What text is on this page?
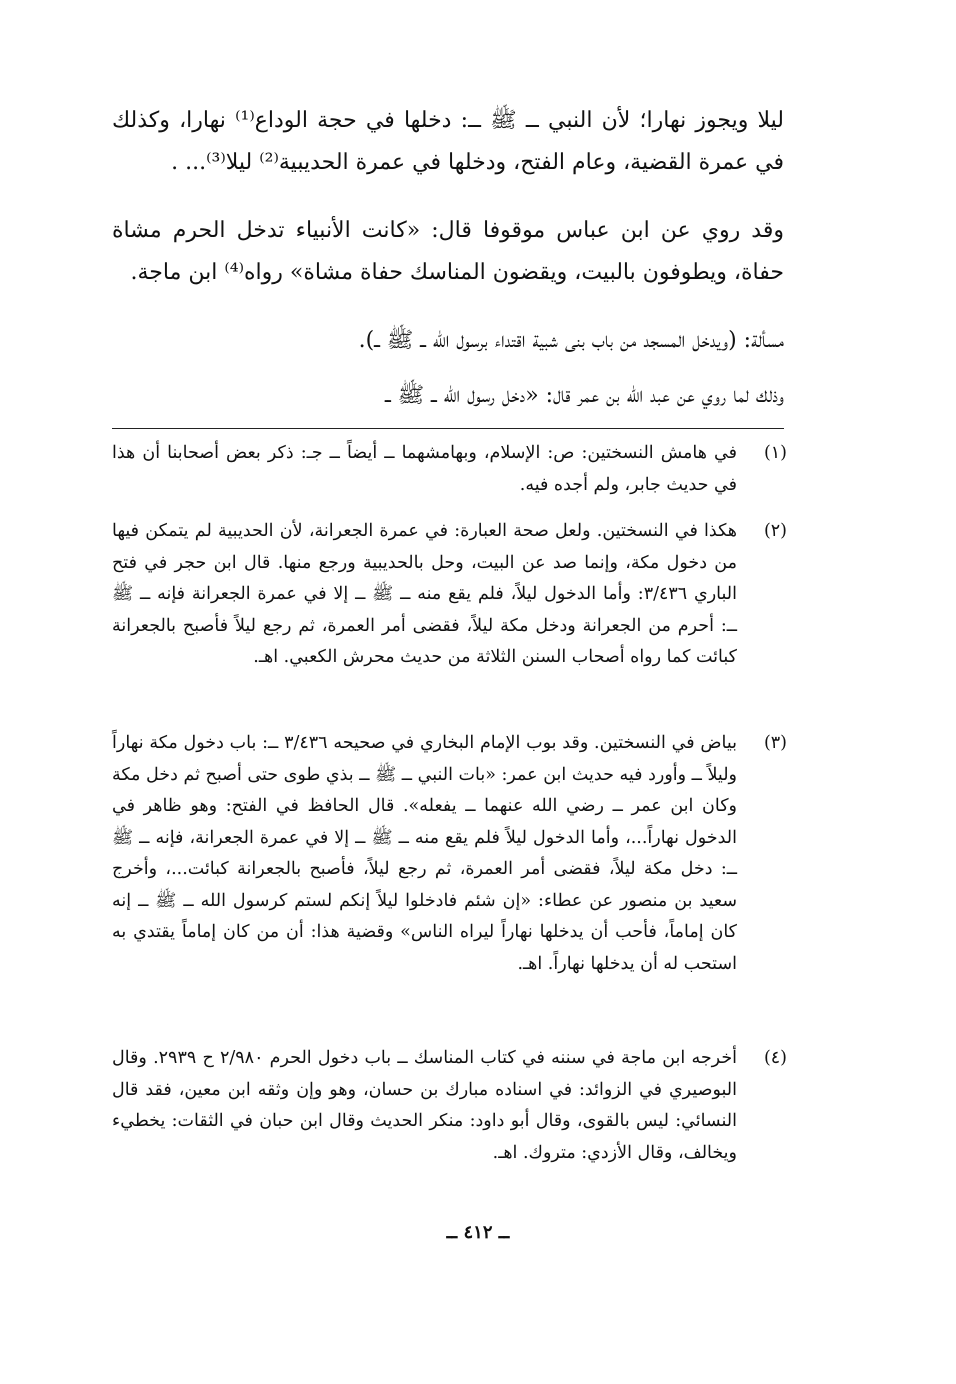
ليلا ويجوز نهارا؛ لأن النبي ــ ﷺ ــ: دخلها في حجة الوداع⁽¹⁾ نهارا، وكذلك في عمرة القضية، وعام الفتح، ودخلها في عمرة الحديبية⁽²⁾ ليلا⁽³⁾... .
وقد روي عن ابن عباس موقوفا قال: «كانت الأنبياء تدخل الحرم مشاة حفاة، ويطوفون بالبيت، ويقضون المناسك حفاة مشاة» رواه⁽⁴⁾ ابن ماجة.
مسألة: (ويدخل المسجد من باب بنى شبية اقتداء برسول الله ــ ﷺ ــ).
وذلك لما روي عن عبد الله بن عمر قال: «دخل رسول الله ــ ﷺ ــ
(١)
في هامش النسختين: ص: الإسلام، وبهامشهما ــ أيضاً ــ جـ: ذكر بعض أصحابنا أن هذا في حديث جابر، ولم أجده فيه.
(٢)
هكذا في النسختين. ولعل صحة العبارة: في عمرة الجعرانة، لأن الحديبية لم يتمكن فيها من دخول مكة، وإنما صد عن البيت، وحل بالحديبية ورجع منها. قال ابن حجر في فتح الباري ٣/٤٣٦: وأما الدخول ليلاً، فلم يقع منه ــ ﷺ ــ إلا في عمرة الجعرانة فإنه ــ ﷺ ــ: أحرم من الجعرانة ودخل مكة ليلاً، فقضى أمر العمرة، ثم رجع ليلاً فأصبح بالجعرانة كبائت كما رواه أصحاب السنن الثلاثة من حديث محرش الكعبي. اهـ.
(٣)
بياض في النسختين. وقد بوب الإمام البخاري في صحيحه ٣/٤٣٦ ــ: باب دخول مكة نهاراً وليلاً ــ وأورد فيه حديث ابن عمر: «بات النبي ــ ﷺ ــ بذي طوى حتى أصبح ثم دخل مكة وكان ابن عمر ــ رضي الله عنهما ــ يفعله». قال الحافظ في الفتح: وهو ظاهر في الدخول نهاراً...، وأما الدخول ليلاً فلم يقع منه ــ ﷺ ــ إلا في عمرة الجعرانة، فإنه ــ ﷺ ــ: دخل مكة ليلاً، فقضى أمر العمرة، ثم رجع ليلاً، فأصبح بالجعرانة كبائت...، وأخرج سعيد بن منصور عن عطاء: «إن شئم فادخلوا ليلاً إنكم لستم كرسول الله ــ ﷺ ــ إنه كان إماماً، فأحب أن يدخلها نهاراً ليراه الناس» وقضية هذا: أن من كان إماماً يقتدي به استحب له أن يدخلها نهاراً. اهـ.
(٤)
أخرجه ابن ماجة في سننه في كتاب المناسك ــ باب دخول الحرم ٢/٩٨٠ ح ٢٩٣٩. وقال البوصيري في الزوائد: في اسناده مبارك بن حسان، وهو وإن وثقه ابن معين، فقد قال النسائي: ليس بالقوى، وقال أبو داود: منكر الحديث وقال ابن حبان في الثقات: يخطيء ويخالف، وقال الأزدي: متروك. اهـ.
ــ ٤١٢ ــ
